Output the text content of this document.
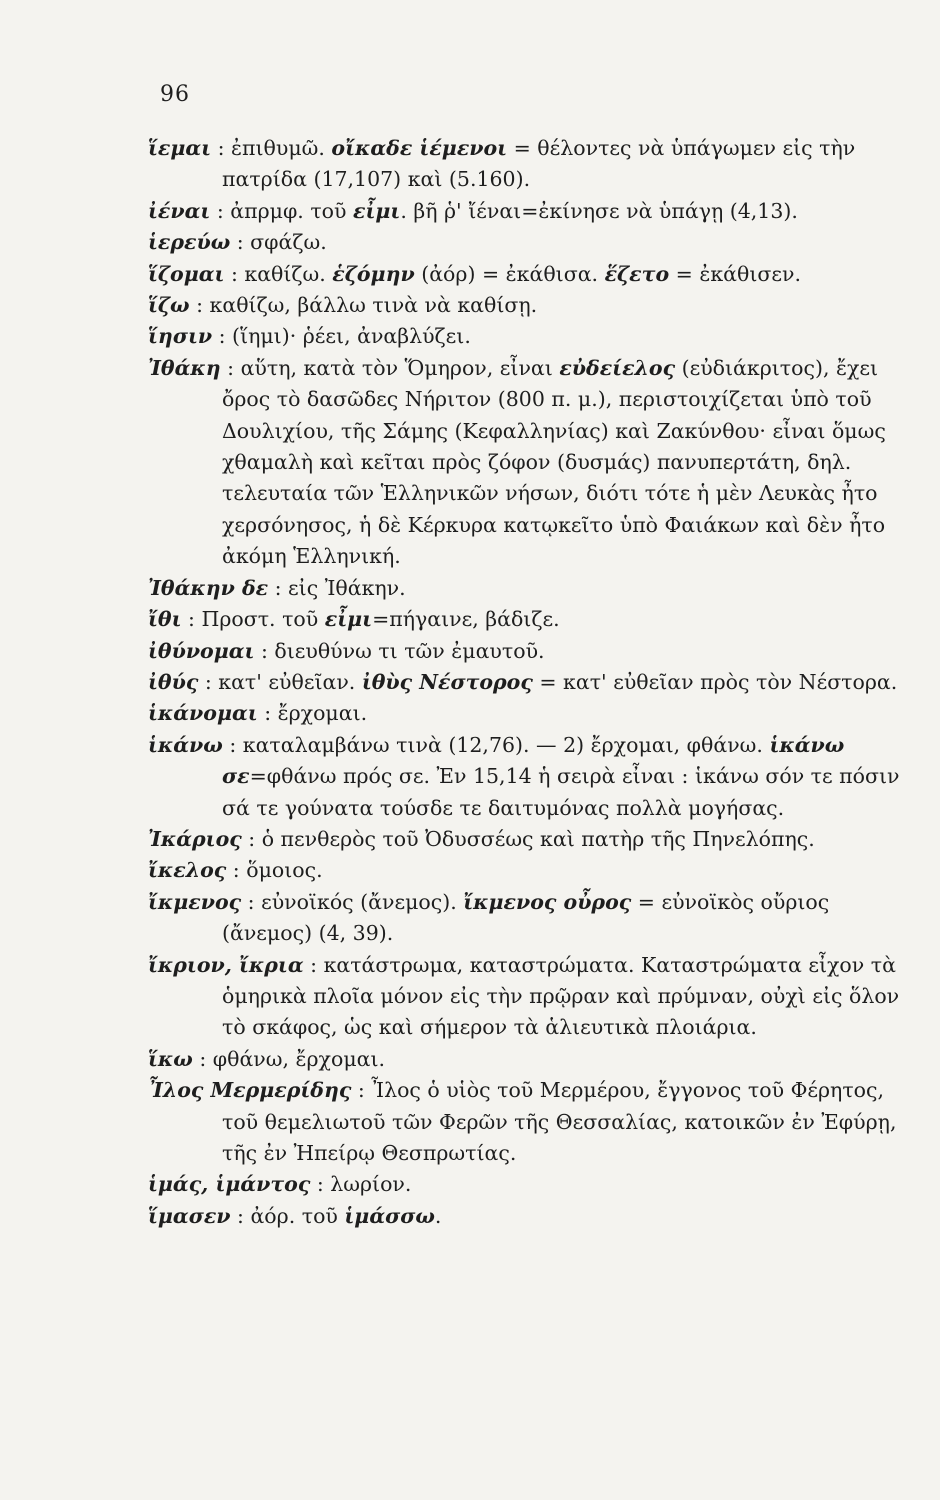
96

ἵεμαι : ἐπιθυμῶ. οἴκαδε ἱέμενοι = θέλοντες νὰ ὑπάγωμεν εἰς τὴν πατρίδα (17,107) καὶ (5.160).

ἰέναι : ἀπρμφ. τοῦ εἶμι. βῆ ῥ' ἴέναι=ἐκίνησε νὰ ὑπάγῃ (4,13).

ἱερεύω : σφάζω.

ἵζομαι : καθίζω. ἑζόμην (ἀόρ) = ἐκάθισα. ἕζετο = ἐκάθισεν.

ἵζω : καθίζω, βάλλω τινὰ νὰ καθίσῃ.

ἵησιν : (ἵημι)· ῥέει, ἀναβλύζει.

Ἰθάκη : αὕτη, κατὰ τὸν Ὅμηρον, εἶναι εὐδείελος (εὐδιάκριτος), ἔχει ὄρος τὸ δασῶδες Νήριτον (800 π. μ.), περιστοιχίζεται ὑπὸ τοῦ Δουλιχίου, τῆς Σάμης (Κεφαλληνίας) καὶ Ζακύνθου· εἶναι ὅμως χθαμαλὴ καὶ κεῖται πρὸς ζόφον (δυσμάς) πανυπερτάτη, δηλ. τελευταία τῶν Ἑλληνικῶν νήσων, διότι τότε ἡ μὲν Λευκὰς ἦτο χερσόνησος, ἡ δὲ Κέρκυρα κατῳκεῖτο ὑπὸ Φαιάκων καὶ δὲν ἦτο ἀκόμη Ἑλληνική.

Ἰθάκην δε : εἰς Ἰθάκην.

ἴθι : Προστ. τοῦ εἶμι=πήγαινε, βάδιζε.

ἰθύνομαι : διευθύνω τι τῶν ἐμαυτοῦ.

ἰθύς : κατ' εὐθεῖαν. ἰθὺς Νέστορος = κατ' εὐθεῖαν πρὸς τὸν Νέστορα.

ἱκάνομαι : ἔρχομαι.

ἱκάνω : καταλαμβάνω τινὰ (12,76). — 2) ἔρχομαι, φθάνω. ἱκάνω σε=φθάνω πρός σε. Ἐν 15,14 ἡ σειρὰ εἶναι : ἱκάνω σόν τε πόσιν σά τε γούνατα τούσδε τε δαιτυμόνας πολλὰ μογήσας.

Ἰκάριος : ὁ πενθερὸς τοῦ Ὀδυσσέως καὶ πατὴρ τῆς Πηνελόπης.

ἴκελος : ὅμοιος.

ἴκμενος : εὐνοϊκός (ἄνεμος). ἴκμενος οὖρος = εὐνοϊκὸς οὔριος (ἄνεμος) (4, 39).

ἴκριον, ἴκρια : κατάστρωμα, καταστρώματα. Καταστρώματα εἶχον τὰ ὁμηρικὰ πλοῖα μόνον εἰς τὴν πρῷραν καὶ πρύμναν, οὐχὶ εἰς ὅλον τὸ σκάφος, ὡς καὶ σήμερον τὰ ἁλιευτικὰ πλοιάρια.

ἵκω : φθάνω, ἔρχομαι.

Ἶλος Μερμερίδης : Ἶλος ὁ υἱὸς τοῦ Μερμέρου, ἔγγονος τοῦ Φέρητος, τοῦ θεμελιωτοῦ τῶν Φερῶν τῆς Θεσσαλίας, κατοικῶν ἐν Ἐφύρῃ, τῆς ἐν Ἠπείρῳ Θεσπρωτίας.

ἱμάς, ἱμάντος : λωρίον.

ἵμασεν : ἀόρ. τοῦ ἱμάσσω.
